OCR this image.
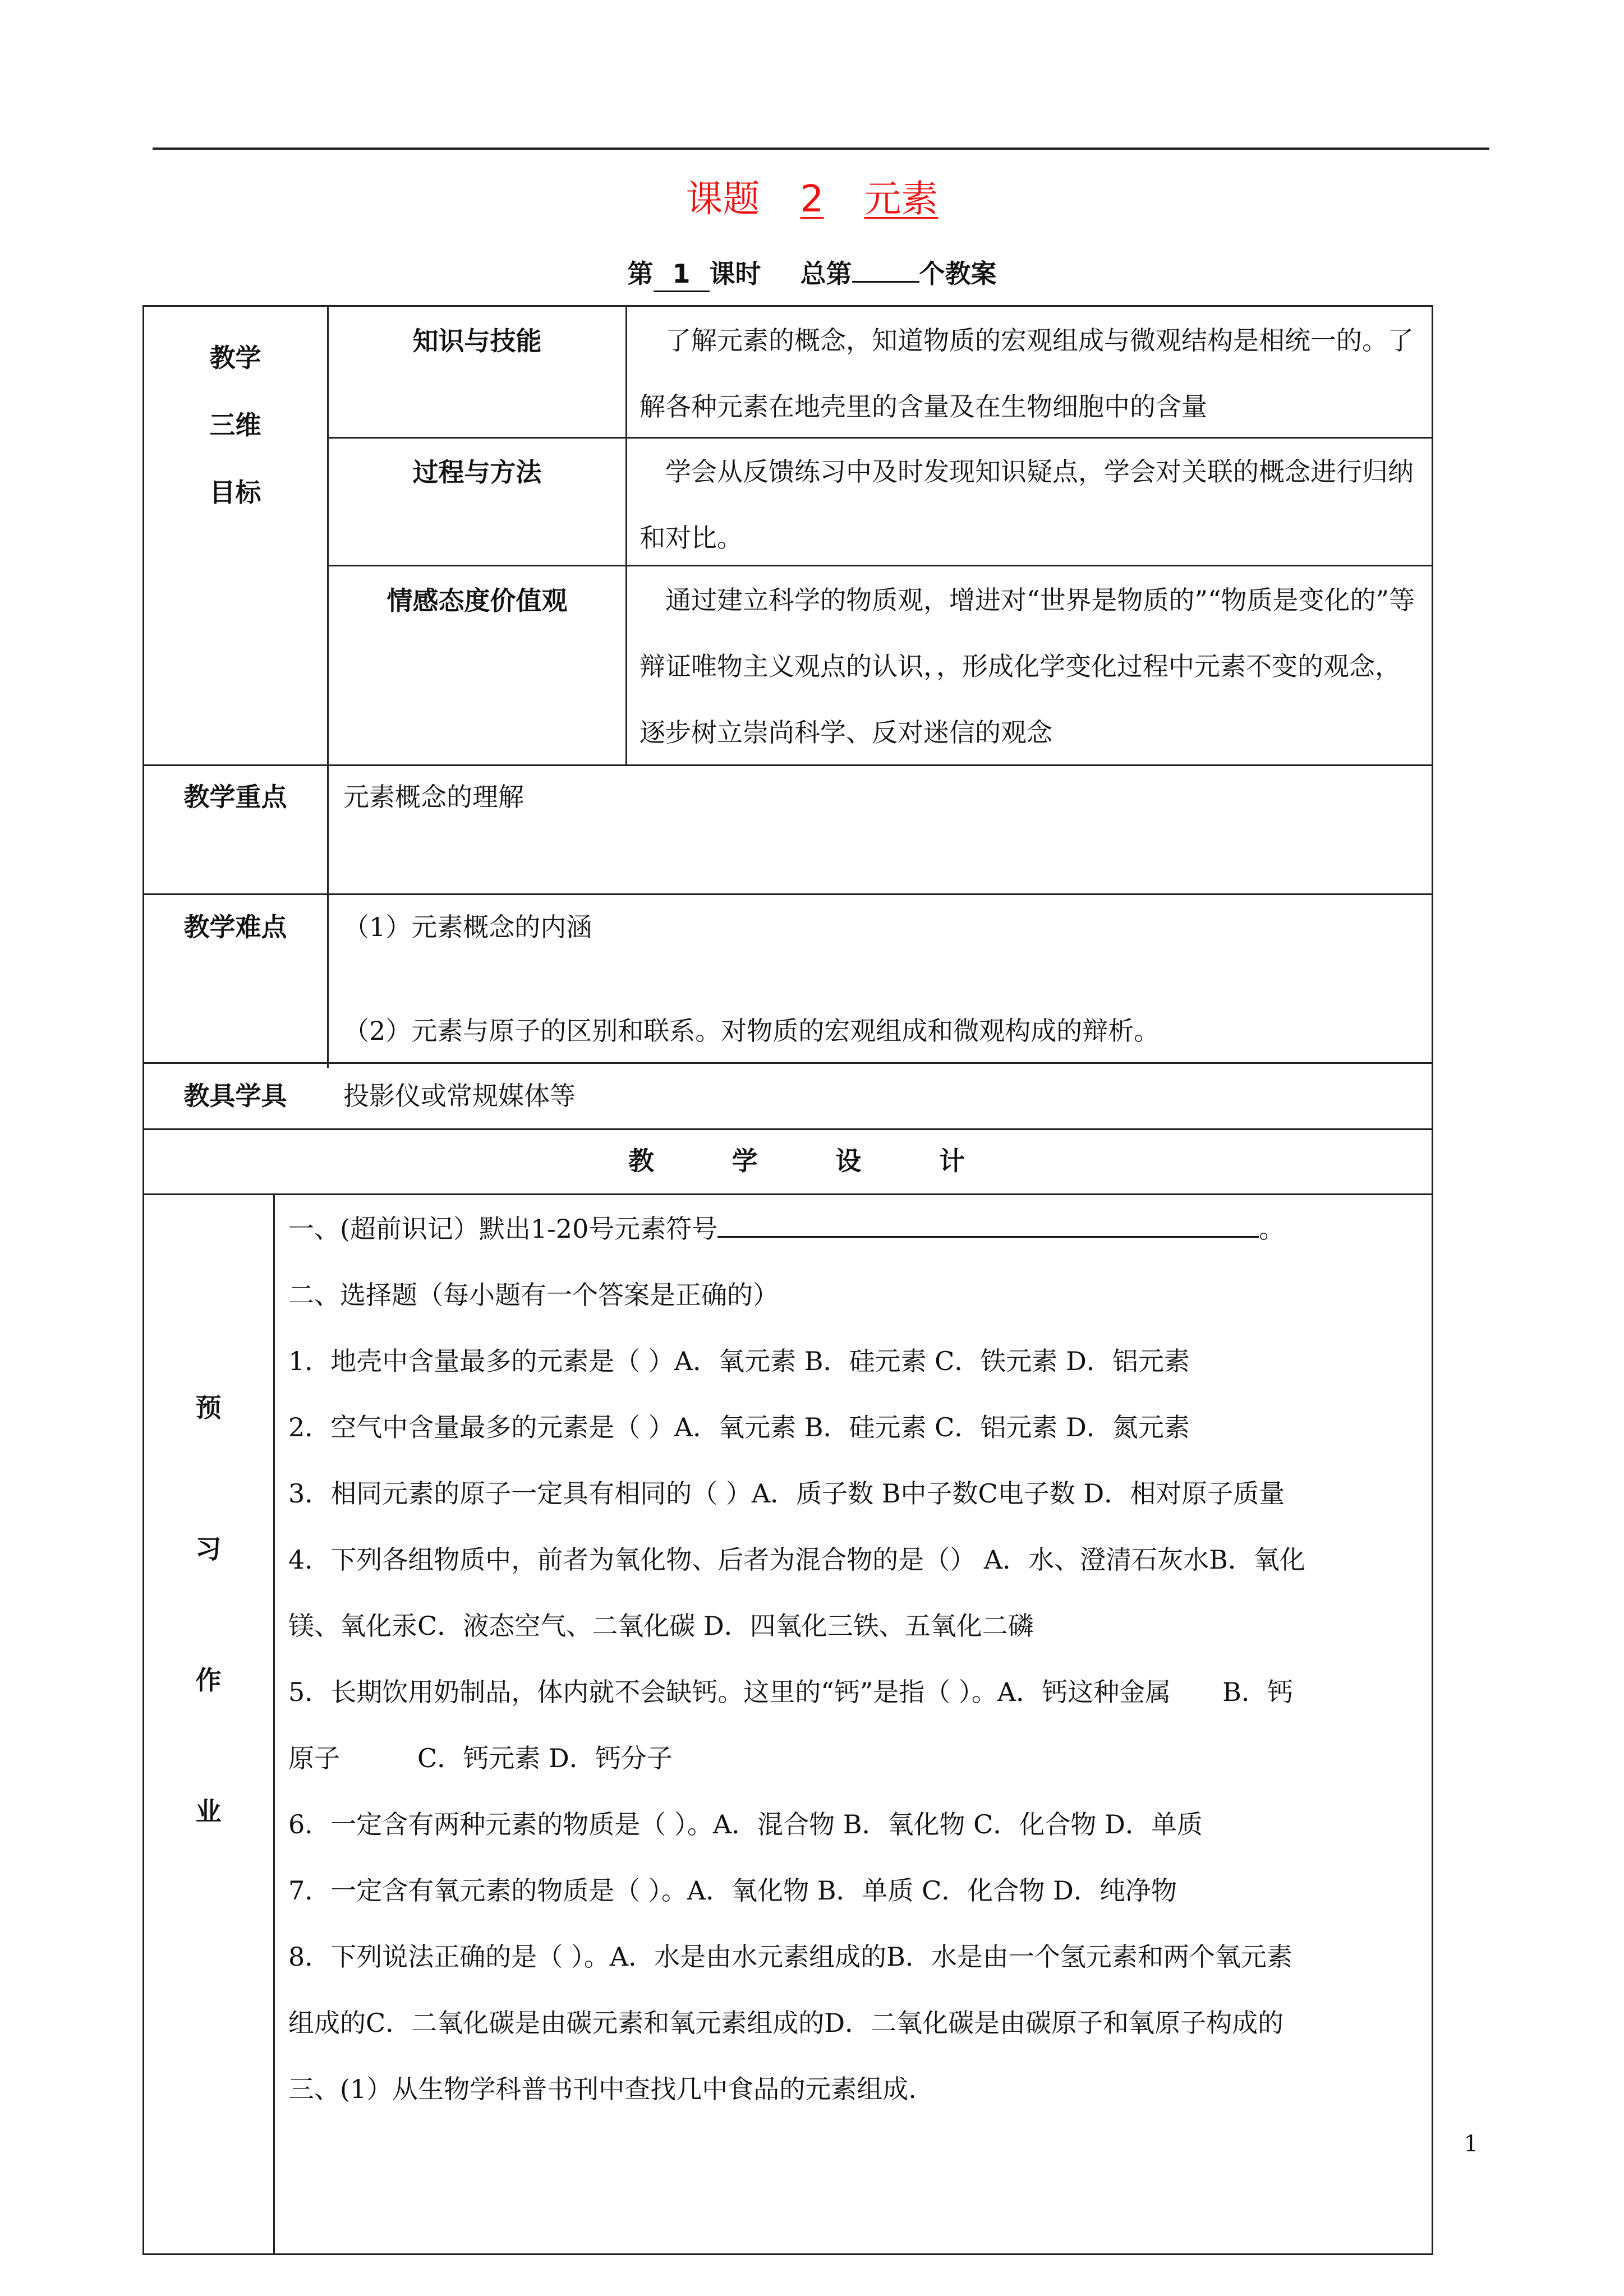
课题 2 元素
第 1 课时 总第	个教案
教学
三维
目标
知识与技能	了解元素的概念，知道物质的宏观组成与微观结构是相统一的。了解各种元素在地壳里的含量及在生物细胞中的含量
过程与方法	学会从反馈练习中及时发现知识疑点，学会对关联的概念进行归纳和对比。
情感态度价值观	通过建立科学的物质观，增进对“世界是物质的”“物质是变化的”等辩证唯物主义观点的认识，，形成化学变化过程中元素不变的观念，逐步树立崇尚科学、反对迷信的观念
教学重点	元素概念的理解
教学难点	（1）元素概念的内涵
（2）元素与原子的区别和联系。对物质的宏观组成和微观构成的辩析。
教具学具	投影仪或常规媒体等
教	学	设	计
预
习
作
业
一、(超前识记）默出1-20号元素符号	。
二、选择题（每小题有一个答案是正确的）
1．地壳中含量最多的元素是（ ）A．氧元素 B．硅元素 C．铁元素 D．铝元素
2．空气中含量最多的元素是（ ）A．氧元素 B．硅元素 C．铝元素 D．氮元素
3．相同元素的原子一定具有相同的（ ）A．质子数 B中子数C电子数 D．相对原子质量
4．下列各组物质中，前者为氧化物、后者为混合物的是（） A．水、澄清石灰水B．氧化
镁、氧化汞C．液态空气、二氧化碳 D．四氧化三铁、五氧化二磷
5．长期饮用奶制品，体内就不会缺钙。这里的“钙”是指（ ）。A．钙这种金属　　B．钙
原子　　　C．钙元素 D．钙分子
6．一定含有两种元素的物质是（ ）。A．混合物 B．氧化物 C．化合物 D．单质
7．一定含有氧元素的物质是（ ）。A．氧化物 B．单质 C．化合物 D．纯净物
8．下列说法正确的是（ ）。A．水是由水元素组成的B．水是由一个氢元素和两个氧元素
组成的C．二氧化碳是由碳元素和氧元素组成的D．二氧化碳是由碳原子和氧原子构成的
三、(1）从生物学科普书刊中查找几中食品的元素组成.
1
